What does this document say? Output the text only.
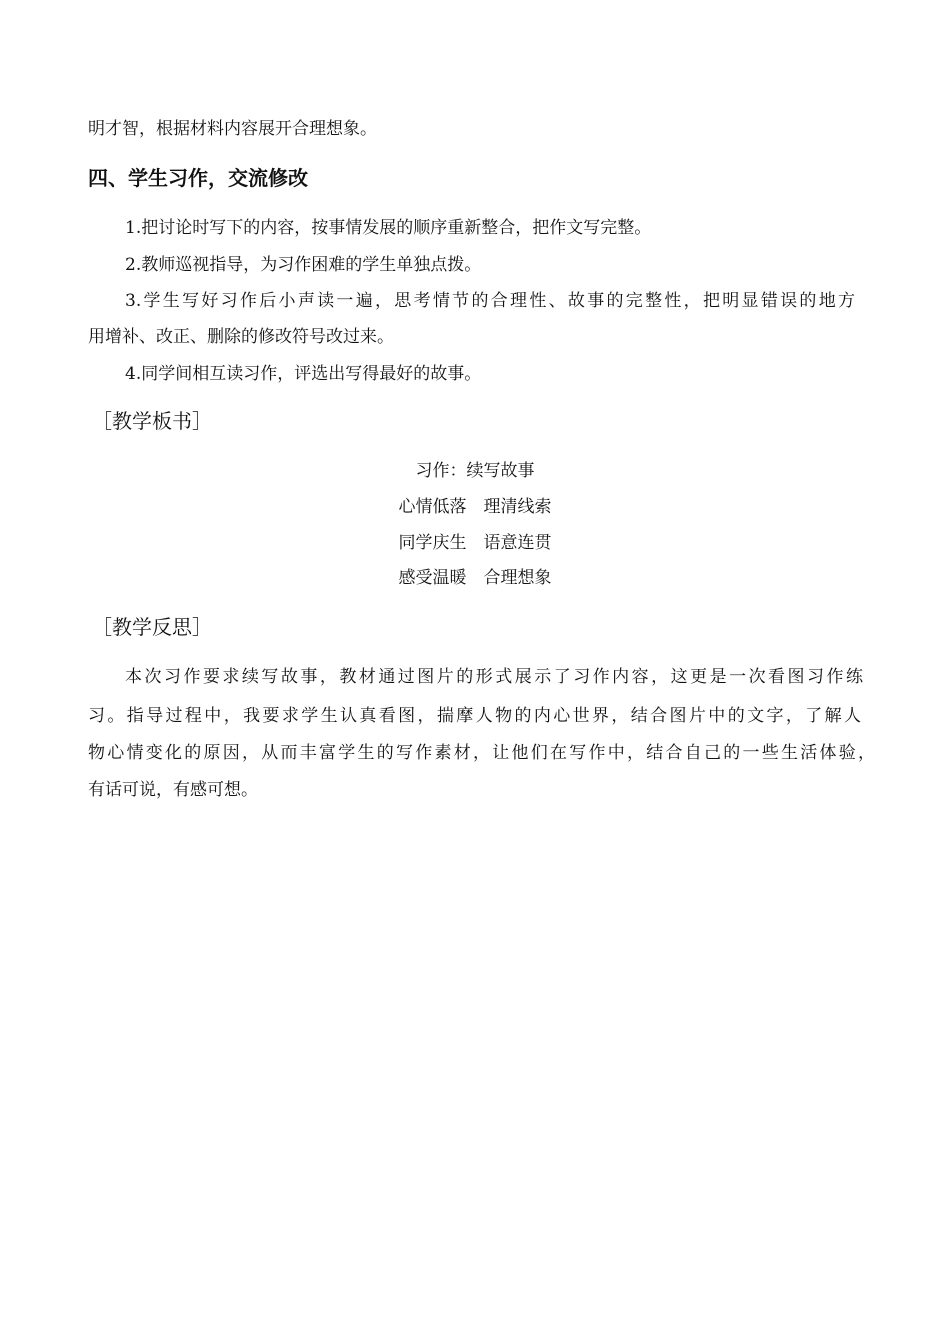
明才智，根据材料内容展开合理想象。
四、学生习作，交流修改
1.把讨论时写下的内容，按事情发展的顺序重新整合，把作文写完整。
2.教师巡视指导，为习作困难的学生单独点拨。
3.学生写好习作后小声读一遍，思考情节的合理性、故事的完整性，把明显错误的地方
用增补、改正、删除的修改符号改过来。
4.同学间相互读习作，评选出写得最好的故事。
［教学板书］
习作：续写故事
心情低落　理清线索
同学庆生　语意连贯
感受温暖　合理想象
［教学反思］
本次习作要求续写故事，教材通过图片的形式展示了习作内容，这更是一次看图习作练
习。指导过程中，我要求学生认真看图，揣摩人物的内心世界，结合图片中的文字，了解人
物心情变化的原因，从而丰富学生的写作素材，让他们在写作中，结合自己的一些生活体验，
有话可说，有感可想。
